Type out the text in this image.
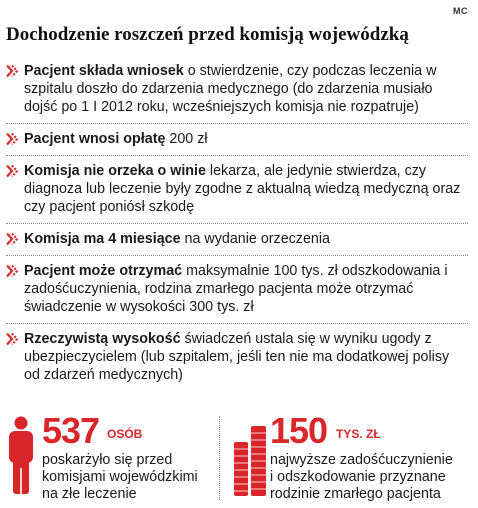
MC
Dochodzenie roszczeń przed komisją wojewódzką
Pacjent składa wniosek o stwierdzenie, czy podczas leczenia w szpitalu doszło do zdarzenia medycznego (do zdarzenia musiało dojść po 1 I 2012 roku, wcześniejszych komisja nie rozpatruje)
Pacjent wnosi opłatę 200 zł
Komisja nie orzeka o winie lekarza, ale jedynie stwierdza, czy diagnoza lub leczenie były zgodne z aktualną wiedzą medyczną oraz czy pacjent poniósł szkodę
Komisja ma 4 miesiące na wydanie orzeczenia
Pacjent może otrzymać maksymalnie 100 tys. zł odszkodowania i zadośćuczynienia, rodzina zmarłego pacjenta może otrzymać świadczenie w wysokości 300 tys. zł
Rzeczywistą wysokość świadczeń ustala się w wyniku ugody z ubezpieczycielem (lub szpitalem, jeśli ten nie ma dodatkowej polisy od zdarzeń medycznych)
537 OSÓB
poskarżyło się przed
komisjami wojewódzkimi
na złe leczenie
150 TYS. ZŁ
najwyższe zadośćuczynienie
i odszkodowanie przyznane
rodzinie zmarłego pacjenta
